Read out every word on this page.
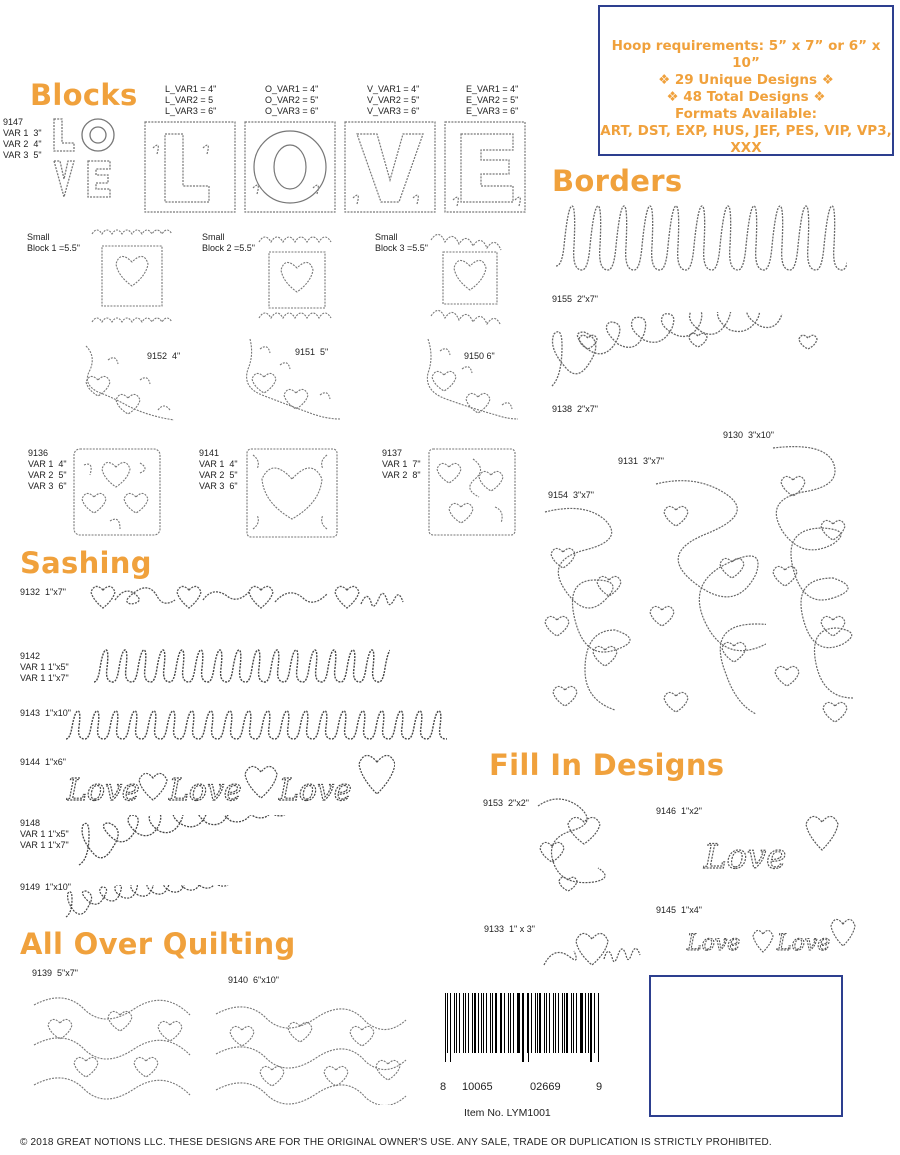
Hoop requirements: 5” x 7” or 6” x 10”
❖ 29 Unique Designs ❖
❖ 48 Total Designs ❖
Formats Available:
ART, DST, EXP, HUS, JEF, PES, VIP, VP3, XXX
Blocks
Borders
Sashing
Fill In Designs
All Over Quilting
9147
VAR 1  3"
VAR 2  4"
VAR 3  5"
L_VAR1 = 4"
L_VAR2 = 5
L_VAR3 = 6"
O_VAR1 = 4"
O_VAR2 = 5"
O_VAR3 = 6"
V_VAR1 = 4"
V_VAR2 = 5"
V_VAR3 = 6"
E_VAR1 = 4"
E_VAR2 = 5"
E_VAR3 = 6"
Small
Block 1 =5.5"
Small
Block 2 =5.5"
Small
Block 3 =5.5"
9152  4"	9151  5"	9150 6"
9136
VAR 1  4"
VAR 2  5"
VAR 3  6"
9141
VAR 1  4"
VAR 2  5"
VAR 3  6"
9137
VAR 1  7"
VAR 2  8"
9155  2"x7"
9138  2"x7"
9130  3"x10"
9131  3"x7"
9154  3"x7"
9132  1"x7"
9142
VAR 1 1"x5"
VAR 1 1"x7"
9143  1"x10"
9144  1"x6"
9148
VAR 1 1"x5"
VAR 1 1"x7"
9149  1"x10"
Love Love Love	9153  2"x2"
9146  1"x2"
9133  1" x 3"
9145  1"x4"
Love
Love Love
9139  5"x7"
9140  6"x10"
8 10065	02669	9
Item No. LYM1001
© 2018 GREAT NOTIONS LLC. THESE DESIGNS ARE FOR THE ORIGINAL OWNER'S USE. ANY SALE, TRADE OR DUPLICATION IS STRICTLY PROHIBITED.
